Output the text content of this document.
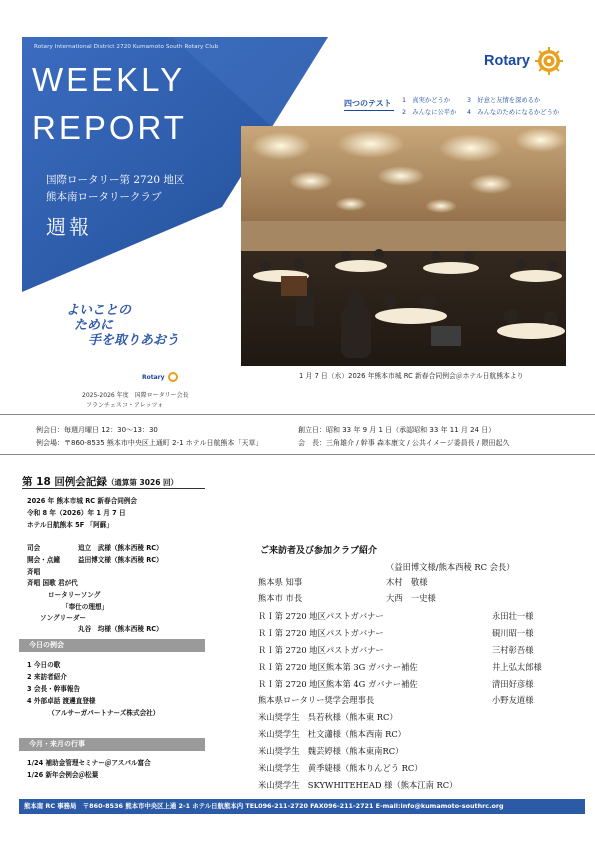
Rotary International District 2720 Kumamoto South Rotary Club
WEEKLY
REPORT
国際ロータリー第 2720 地区
熊本南ロータリークラブ
週報
よいことの
ために
手を取りあおう
Rotary
2025-2026 年度　国際ロータリー会長
フランチェスコ・アレッツォ
Rotary
四つのテスト 1　真実かどうか
2　みんなに公平か
3　好意と友情を深めるか
4　みんなのためになるかどうか
1 月 7 日（水）2026 年熊本市城 RC 新春合同例会＠ホテル日航熊本より
例会日：毎週月曜日 12：30～13：30	創立日：昭和 33 年 9 月 1 日（承認昭和 33 年 11 月 24 日）
例会場：〒860-8535 熊本市中央区上通町 2-1 ホテル日航熊本「天草」	会　長：三角雄介 / 幹事 森本康文 / 公共イメージ委員長 / 隈田起久
第 18 回例会記録（通算第 3026 回）
2026 年 熊本市城 RC 新春合同例会
令和 8 年（2026）年 1 月 7 日
ホテル日航熊本 5F 「阿蘇」
司会	追立　武様（熊本西稜 RC）
開会・点鐘	益田博文様（熊本西稜 RC）
斉唱
斉唱 国歌 君が代
ロータリーソング
「奉仕の理想」
ソングリーダー
丸谷　均様（熊本西稜 RC）
今日の例会
1 今日の歌
2 来訪者紹介
3 会長・幹事報告
4 外部卓話 渡邊直登様
（アルサーガパートナーズ株式会社）
今月・来月の行事
1/24 補助金管理セミナー＠アスパル富合
1/26 新年会例会＠松葉
ご来訪者及び参加クラブ紹介
（益田博文様/熊本西稜 RC 会長）
熊本県 知事	木村　敬様
熊本市 市長	大西　一史様
ＲＩ第 2720 地区パストガバナー	永田壮一様
ＲＩ第 2720 地区パストガバナー	硯川昭一様
ＲＩ第 2720 地区パストガバナー	三村彰吾様
ＲＩ第 2720 地区熊本第 3G ガバナー補佐	井上弘太郎様
ＲＩ第 2720 地区熊本第 4G ガバナー補佐	清田好彦様
熊本県ロータリー奨学会理事長	小野友道様
米山奨学生　呉若秋様（熊本東 RC）
米山奨学生　杜文瀟様（熊本西南 RC）
米山奨学生　魏芸婷様（熊本東南RC）
米山奨学生　黄季婕様（熊本りんどう RC）
米山奨学生　SKYWHITEHEAD 様（熊本江南 RC）
熊本南 RC 事務局　〒860-8536 熊本市中央区上通 2-1 ホテル日航熊本内 TEL096-211-2720 FAX096-211-2721 E-mail:info@kumamoto-southrc.org
